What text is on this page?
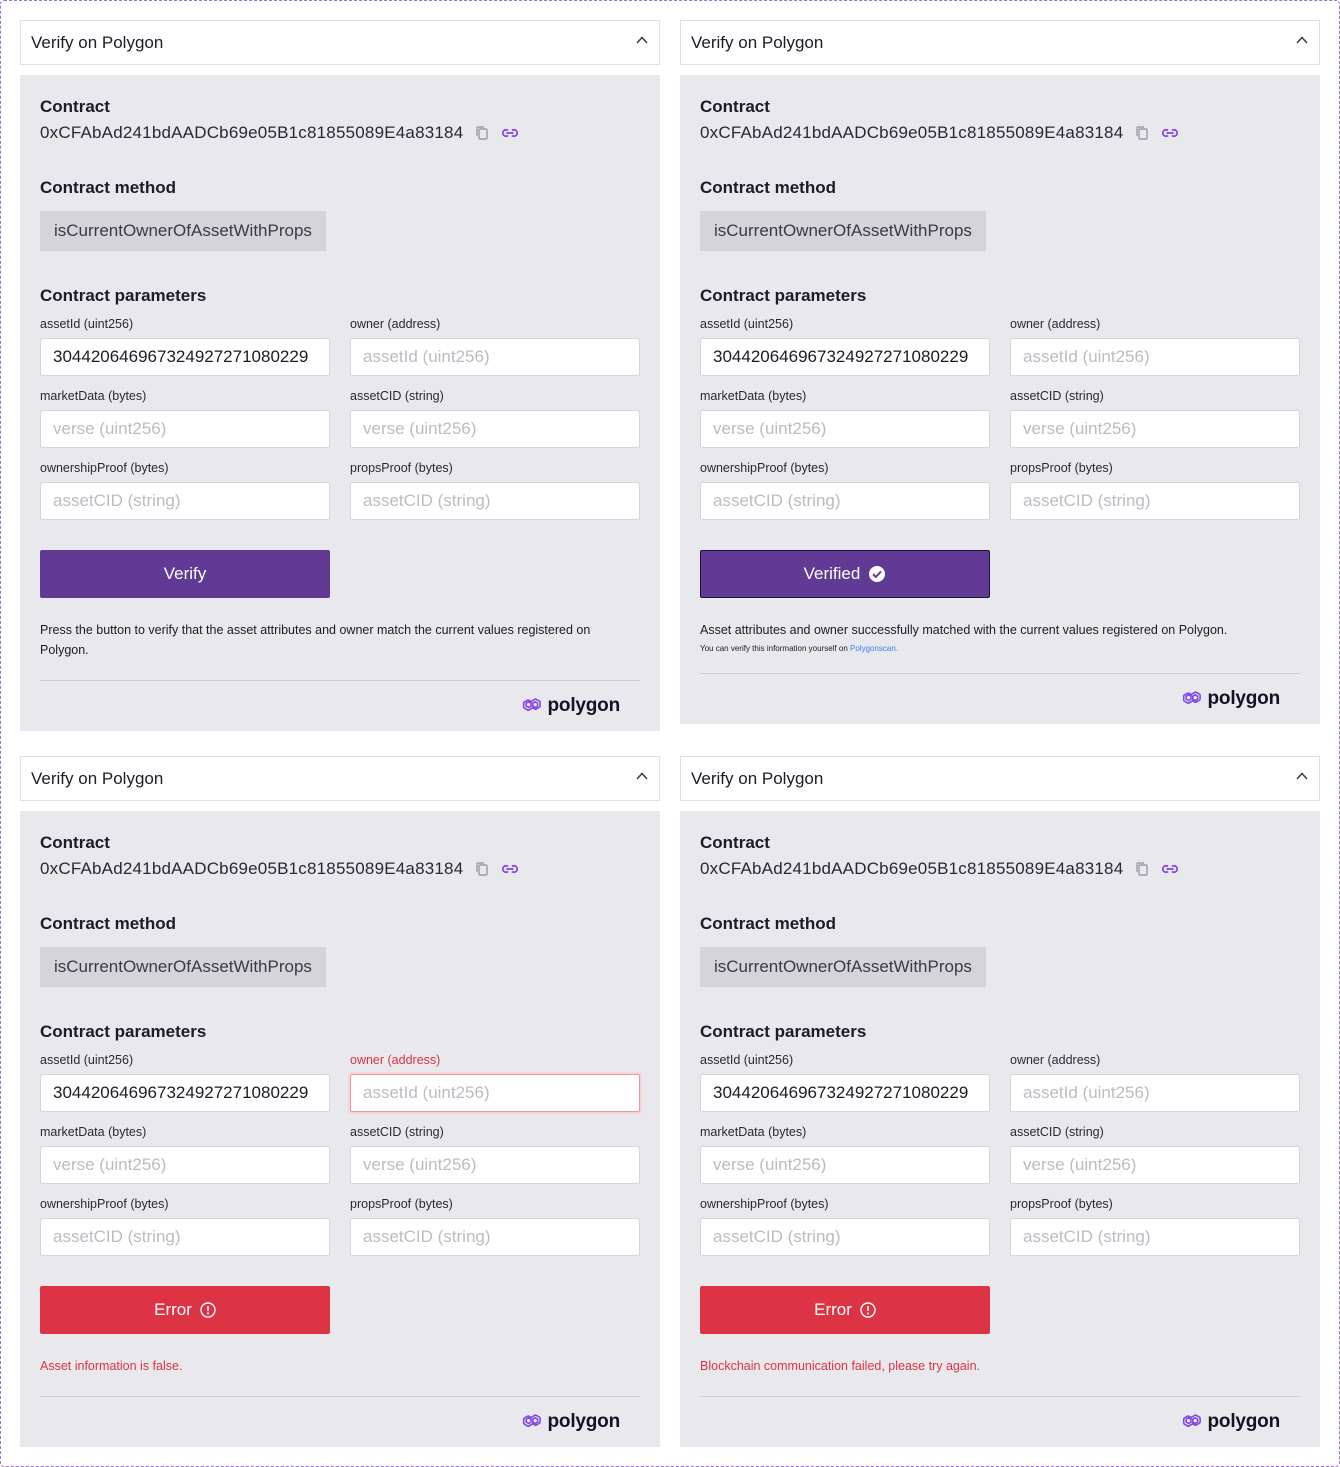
Verify on Polygon
Contract
0xCFAbAd241bdAADCb69e05B1c81855089E4a83184
Contract method
isCurrentOwnerOfAssetWithProps
Contract parameters
assetId (uint256)
304420646967324927271080229
owner (address)
assetId (uint256)
marketData (bytes)
verse (uint256)
assetCID (string)
verse (uint256)
ownershipProof (bytes)
assetCID (string)
propsProof (bytes)
assetCID (string)
Verify
Press the button to verify that the asset attributes and owner match the current values registered on Polygon.
polygon
Verify on Polygon
Contract
0xCFAbAd241bdAADCb69e05B1c81855089E4a83184
Contract method
isCurrentOwnerOfAssetWithProps
Contract parameters
assetId (uint256)
304420646967324927271080229
owner (address)
assetId (uint256)
marketData (bytes)
verse (uint256)
assetCID (string)
verse (uint256)
ownershipProof (bytes)
assetCID (string)
propsProof (bytes)
assetCID (string)
Verified
Asset attributes and owner successfully matched with the current values registered on Polygon.
You can verify this information yourself on Polygonscan.
polygon
Verify on Polygon
Contract
0xCFAbAd241bdAADCb69e05B1c81855089E4a83184
Contract method
isCurrentOwnerOfAssetWithProps
Contract parameters
assetId (uint256)
304420646967324927271080229
owner (address)
assetId (uint256)
marketData (bytes)
verse (uint256)
assetCID (string)
verse (uint256)
ownershipProof (bytes)
assetCID (string)
propsProof (bytes)
assetCID (string)
Error
Asset information is false.
polygon
Verify on Polygon
Contract
0xCFAbAd241bdAADCb69e05B1c81855089E4a83184
Contract method
isCurrentOwnerOfAssetWithProps
Contract parameters
assetId (uint256)
304420646967324927271080229
owner (address)
assetId (uint256)
marketData (bytes)
verse (uint256)
assetCID (string)
verse (uint256)
ownershipProof (bytes)
assetCID (string)
propsProof (bytes)
assetCID (string)
Error
Blockchain communication failed, please try again.
polygon
